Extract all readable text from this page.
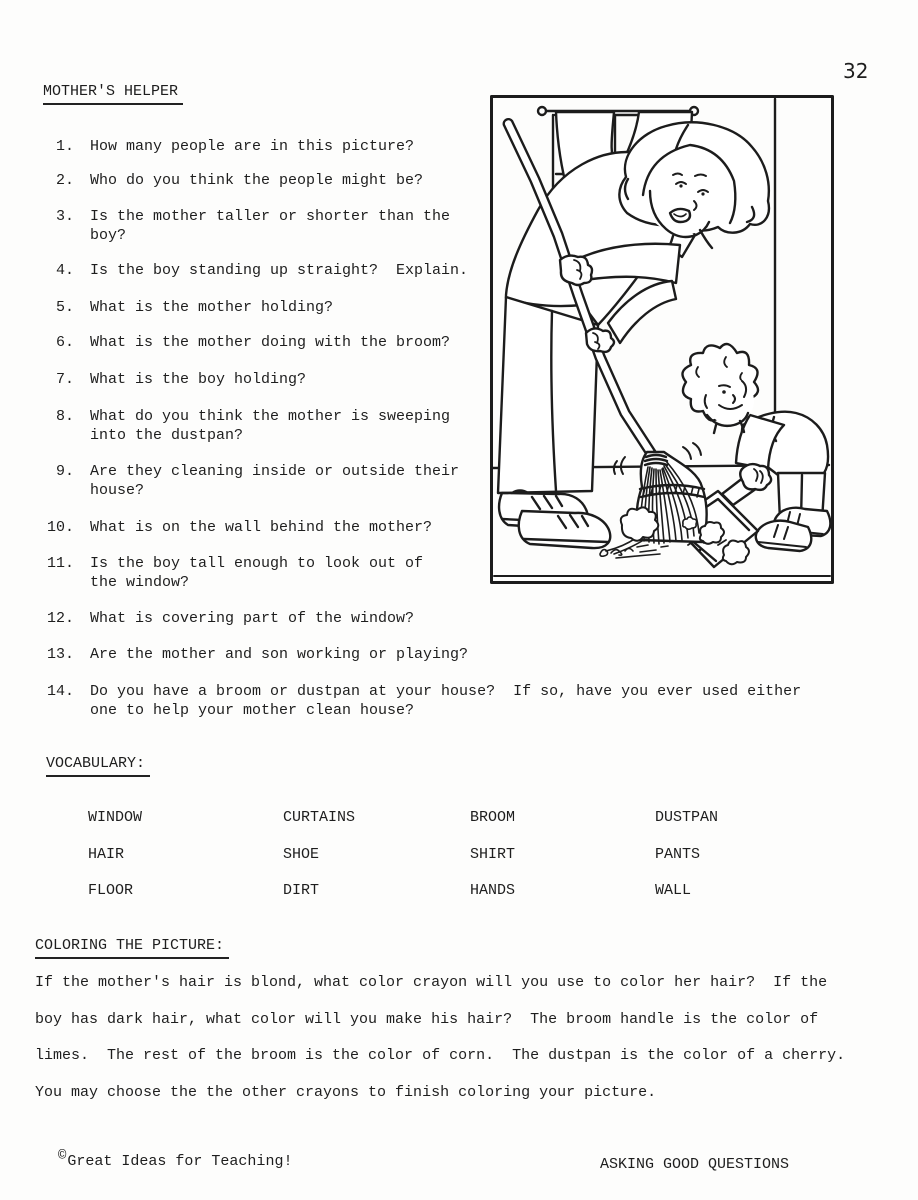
32
MOTHER'S HELPER
1. How many people are in this picture?
2. Who do you think the people might be?
3. Is the mother taller or shorter than the
boy?
4. Is the boy standing up straight?  Explain.
5. What is the mother holding?
6. What is the mother doing with the broom?
7. What is the boy holding?
8. What do you think the mother is sweeping
into the dustpan?
9. Are they cleaning inside or outside their
house?
10. What is on the wall behind the mother?
11. Is the boy tall enough to look out of
the window?
12. What is covering part of the window?
13. Are the mother and son working or playing?
14. Do you have a broom or dustpan at your house?  If so, have you ever used either
one to help your mother clean house?
VOCABULARY:
WINDOW	CURTAINS	BROOM	DUSTPAN
HAIR	SHOE	SHIRT	PANTS
FLOOR	DIRT	HANDS	WALL
COLORING THE PICTURE:
If the mother's hair is blond, what color crayon will you use to color her hair?  If the
boy has dark hair, what color will you make his hair?  The broom handle is the color of
limes.  The rest of the broom is the color of corn.  The dustpan is the color of a cherry.
You may choose the the other crayons to finish coloring your picture.
©Great Ideas for Teaching!	ASKING GOOD QUESTIONS
